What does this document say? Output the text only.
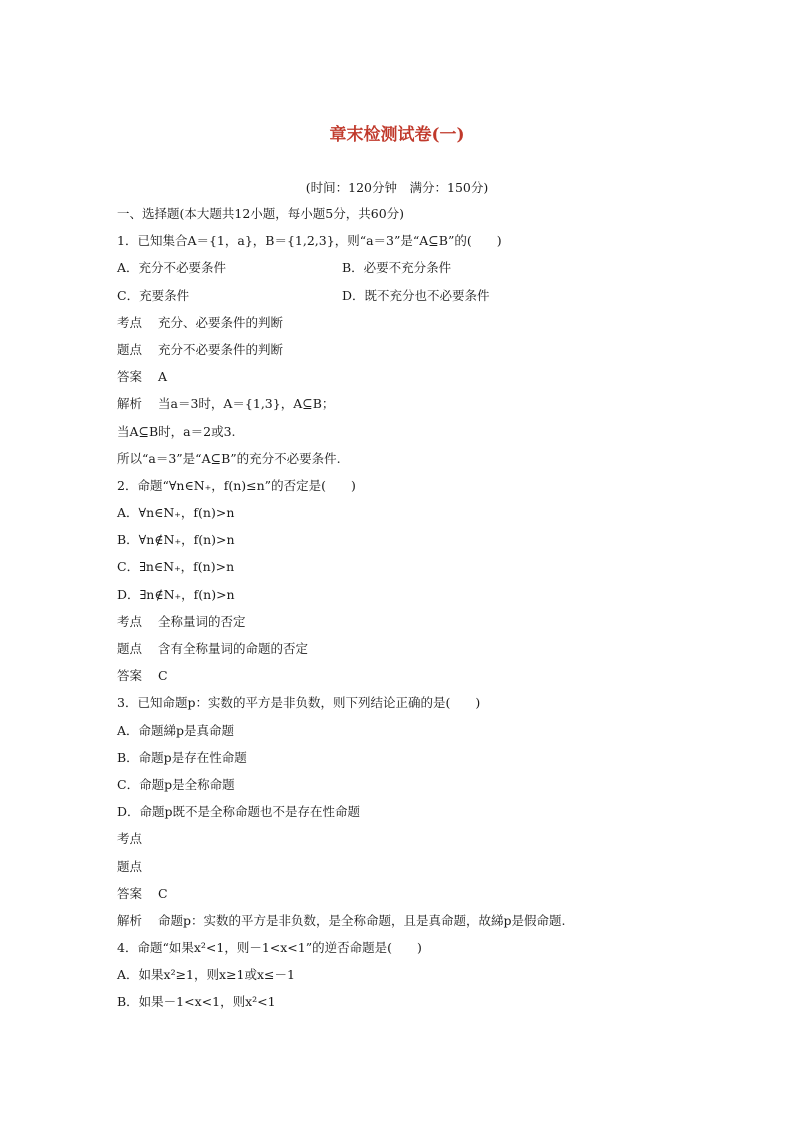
章末检测试卷(一)
(时间：120分钟　满分：150分)
一、选择题(本大题共12小题，每小题5分，共60分)
1．已知集合A＝{1，a}，B＝{1,2,3}，则“a＝3”是“A⊆B”的(　　)
A．充分不必要条件	B．必要不充分条件
C．充要条件	D．既不充分也不必要条件
考点 充分、必要条件的判断
题点 充分不必要条件的判断
答案 A
解析 当a＝3时，A＝{1,3}，A⊆B；
当A⊆B时，a＝2或3.
所以“a＝3”是“A⊆B”的充分不必要条件.
2．命题“∀n∈N₊，f(n)≤n”的否定是(　　)
A．∀n∈N₊，f(n)>n
B．∀n∉N₊，f(n)>n
C．∃n∈N₊，f(n)>n
D．∃n∉N₊，f(n)>n
考点 全称量词的否定
题点 含有全称量词的命题的否定
答案 C
3．已知命题p：实数的平方是非负数，则下列结论正确的是(　　)
A．命题綈p是真命题
B．命题p是存在性命题
C．命题p是全称命题
D．命题p既不是全称命题也不是存在性命题
考点
题点
答案 C
解析 命题p：实数的平方是非负数，是全称命题，且是真命题，故綈p是假命题.
4．命题“如果x²<1，则－1<x<1”的逆否命题是(　　)
A．如果x²≥1，则x≥1或x≤－1
B．如果－1<x<1，则x²<1
